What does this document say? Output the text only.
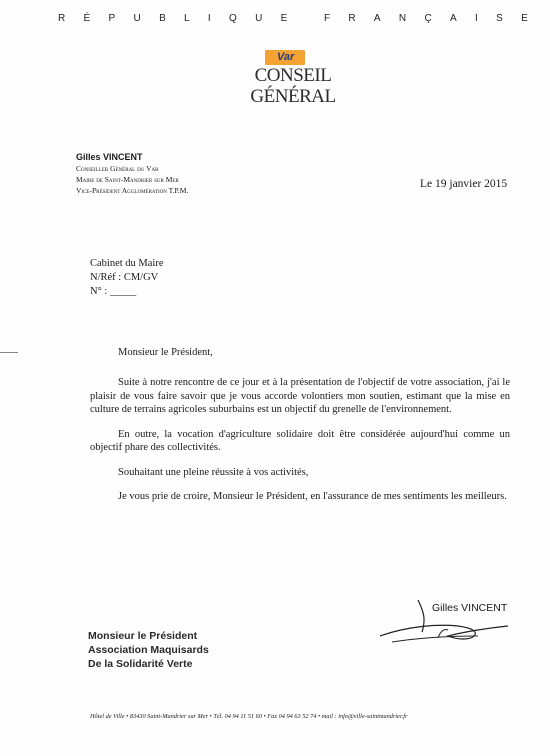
R É P U B L I Q U E	F R A N Ç A I S E
Var
CONSEIL
GÉNÉRAL
Gilles VINCENT
Conseiller Général du Var
Maire de Saint-Mandrier sur Mer
Vice-Président Agglomération T.P.M.
Le 19 janvier 2015
Cabinet du Maire
N/Réf : CM/GV
N° : _____
Monsieur le Président,

Suite à notre rencontre de ce jour et à la présentation de l'objectif de votre association, j'ai le plaisir de vous faire savoir que je vous accorde volontiers mon soutien, estimant que la mise en culture de terrains agricoles suburbains est un objectif du grenelle de l'environnement.

En outre, la vocation d'agriculture solidaire doit être considérée aujourd'hui comme un objectif phare des collectivités.

Souhaitant une pleine réussite à vos activités,

Je vous prie de croire, Monsieur le Président, en l'assurance de mes sentiments les meilleurs.

Gilles VINCENT
Monsieur le Président
Association Maquisards
De la Solidarité Verte
Hôtel de Ville • 83430 Saint-Mandrier sur Mer • Tél. 04 94 11 51 60 • Fax 04 94 63 52 74 • mail : info@ville-saintmandrier.fr
